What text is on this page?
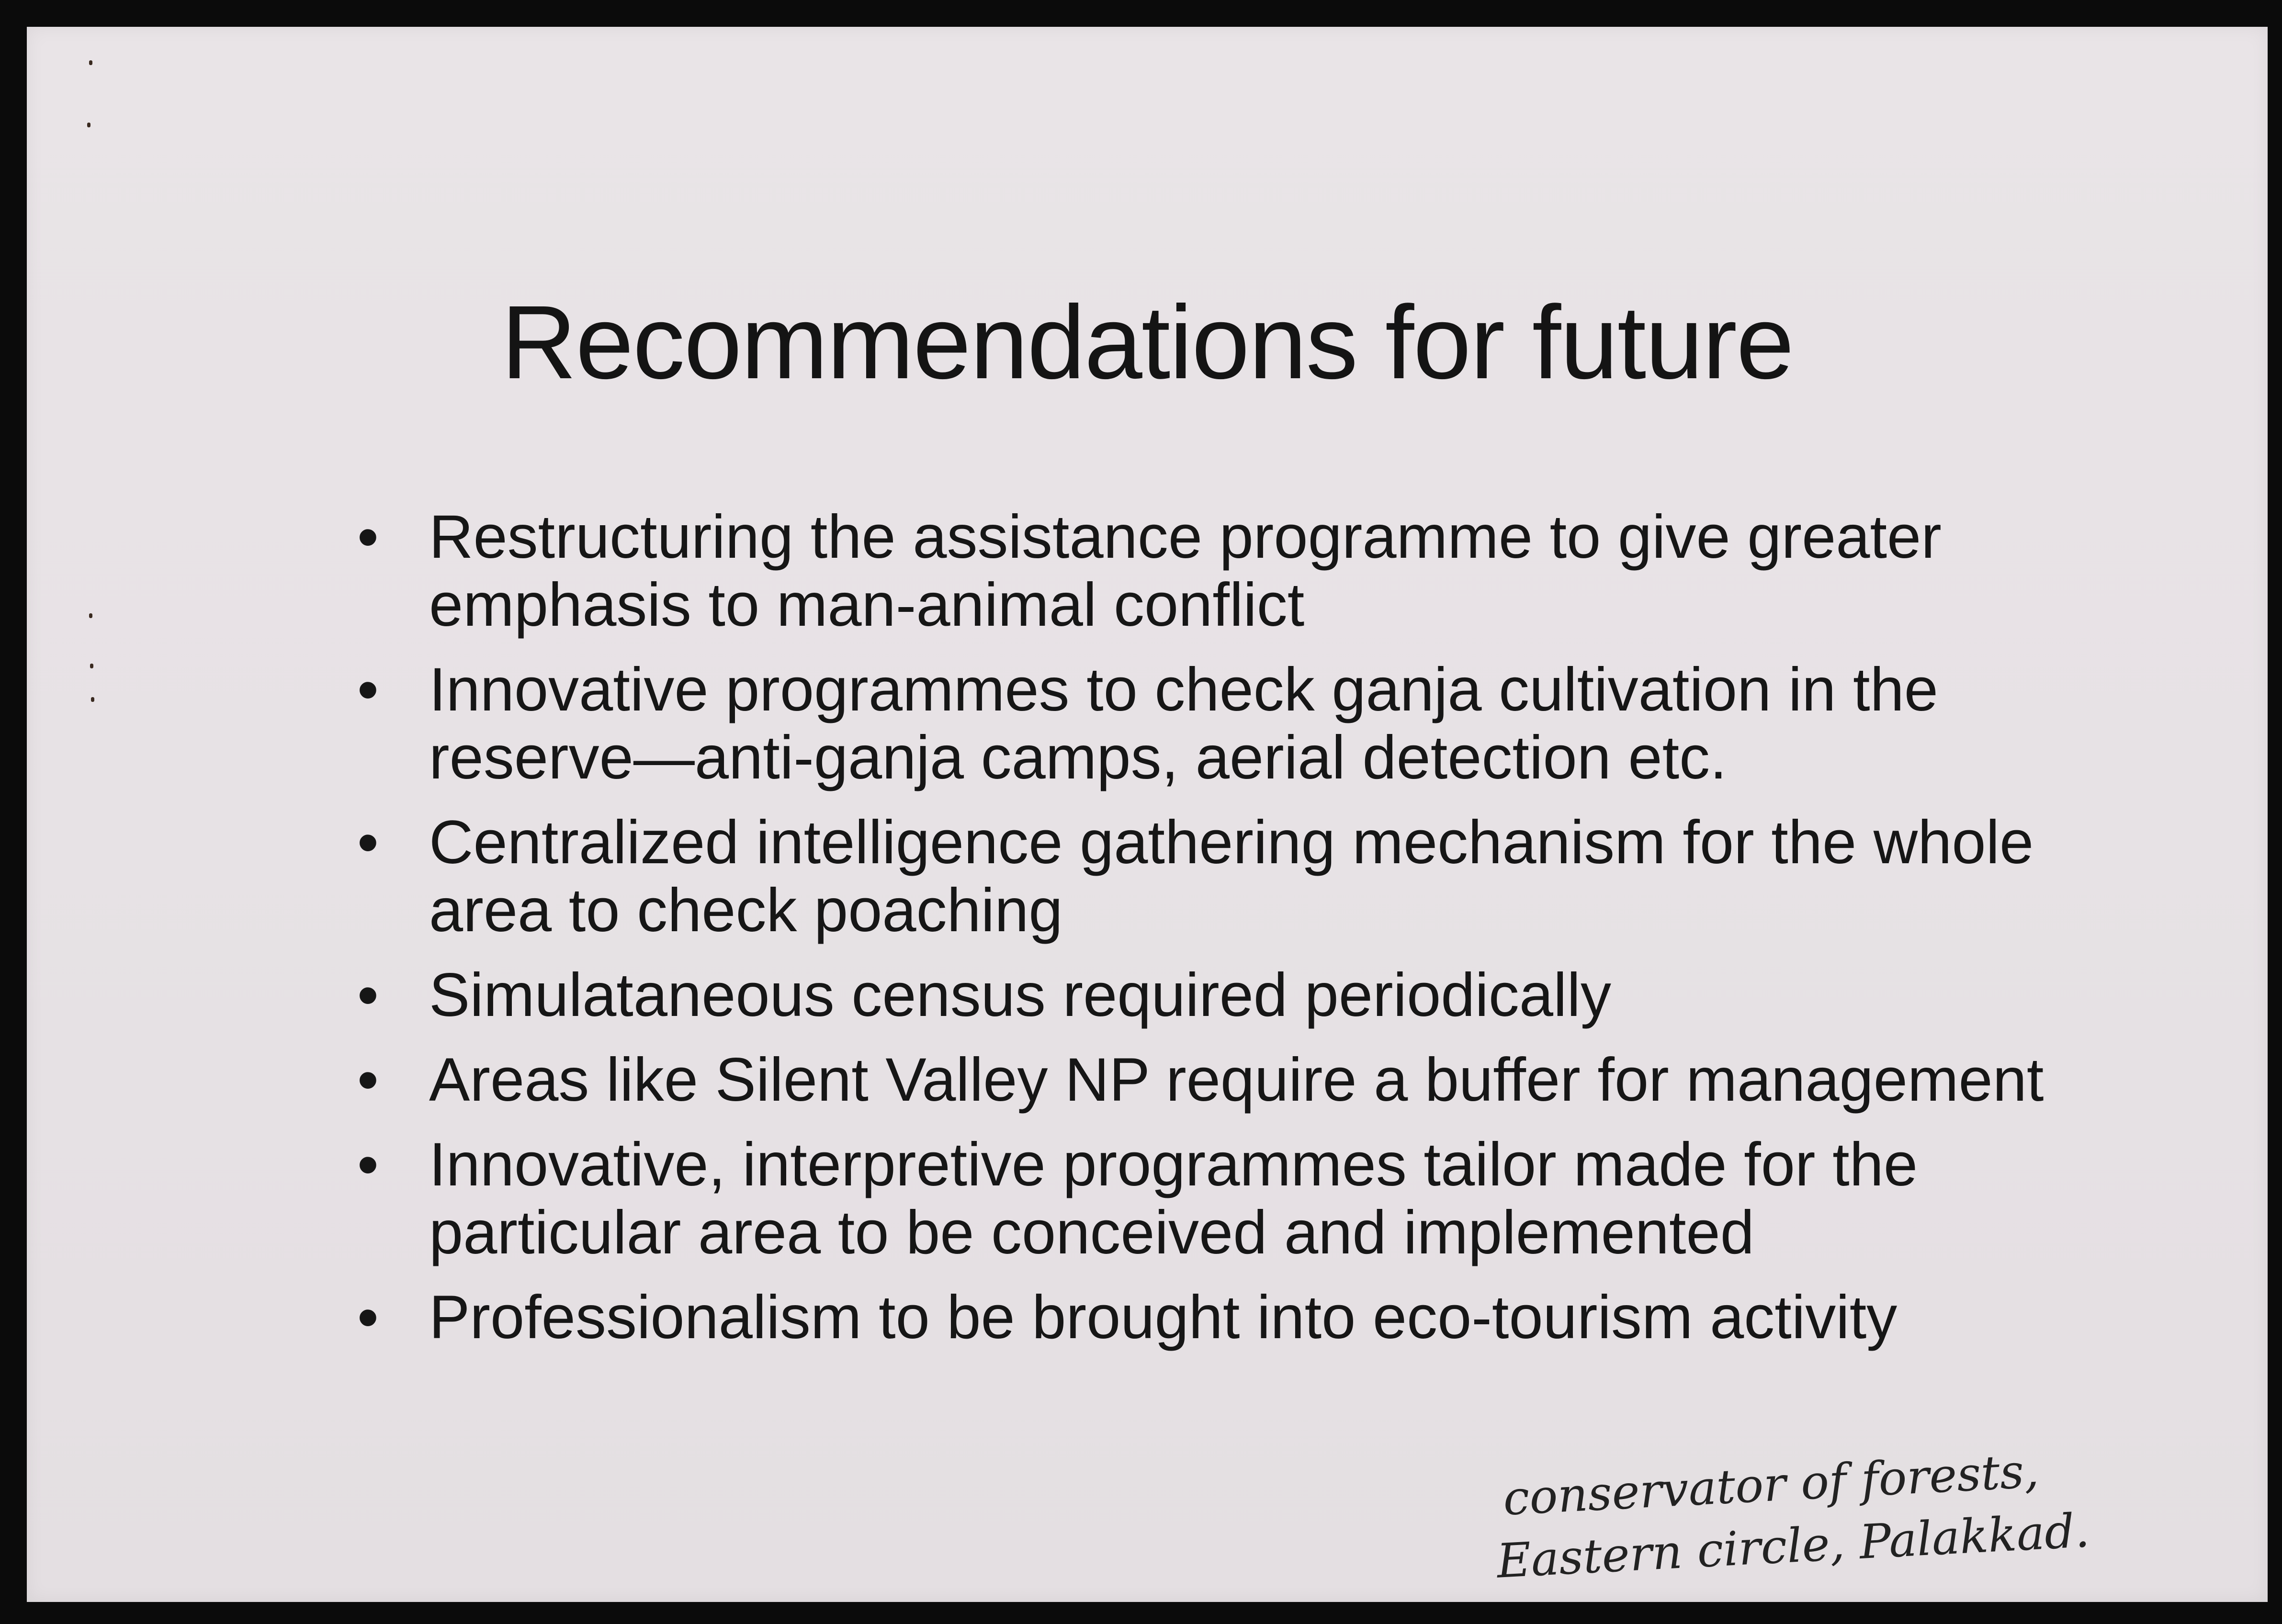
Recommendations for future
• Restructuring the assistance programme to give greater emphasis to man-animal conflict
• Innovative programmes to check ganja cultivation in the reserve—anti-ganja camps, aerial detection etc.
• Centralized intelligence gathering mechanism for the whole area to check poaching
• Simulataneous census required periodically
• Areas like Silent Valley NP require a buffer for management
• Innovative, interpretive programmes tailor made for the particular area to be conceived and implemented
• Professionalism to be brought into eco-tourism activity
conservator of forests,
Eastern circle, Palakkad.
